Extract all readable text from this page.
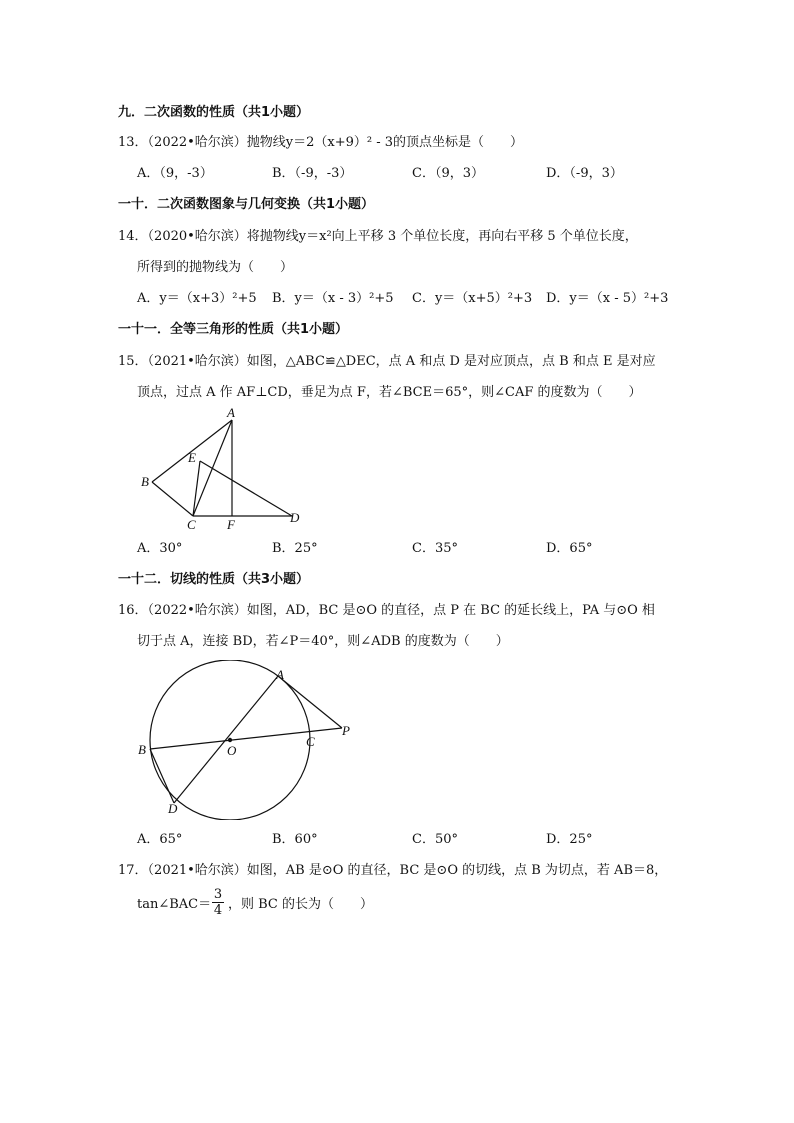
九．二次函数的性质（共1小题）
13．（2022•哈尔滨）抛物线y＝2（x+9）² - 3的顶点坐标是（　　）
A．（9，-3）	B．（-9，-3）	C．（9，3）	D．（-9，3）
一十．二次函数图象与几何变换（共1小题）
14．（2020•哈尔滨）将抛物线y＝x²向上平移 3 个单位长度，再向右平移 5 个单位长度，
所得到的抛物线为（　　）
A．y＝（x+3）²+5 B．y＝（x - 3）²+5 C．y＝（x+5）²+3 D．y＝（x - 5）²+3
一十一．全等三角形的性质（共1小题）
15．（2021•哈尔滨）如图，△ABC≌△DEC，点 A 和点 D 是对应顶点，点 B 和点 E 是对应
顶点，过点 A 作 AF⊥CD，垂足为点 F，若∠BCE＝65°，则∠CAF 的度数为（　　）
A
E
B
C F	D
A．30°	B．25°	C．35°	D．65°
一十二．切线的性质（共3小题）
16．（2022•哈尔滨）如图，AD，BC 是⊙O 的直径，点 P 在 BC 的延长线上，PA 与⊙O 相
切于点 A，连接 BD，若∠P＝40°，则∠ADB 的度数为（　　）
A
P
B	O
C
D
A．65°	B．60°	C．50°	D．25°
17．（2021•哈尔滨）如图，AB 是⊙O 的直径，BC 是⊙O 的切线，点 B 为切点，若 AB＝8，
tan∠BAC＝ $\frac{3}{4}$ ，则 BC 的长为（　　）
